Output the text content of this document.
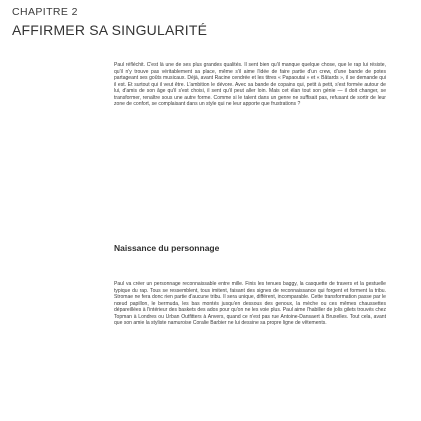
CHAPITRE 2
AFFIRMER SA SINGULARITÉ

Paul réfléchit. C'est là une de ses plus grandes qualités. Il sent bien qu'il manque quelque chose, que le rap lui résiste, qu'il n'y trouve pas véritablement sa place, même s'il aime l'idée de faire partie d'un crew, d'une bande de potes partageant ses goûts musicaux. Déjà, avant Racine cendrée et les titres « Papaoutai » et « Bâtards », il se demande qui il est. Et surtout qui il veut être. L'ambition le dévore. Avec sa bande de copains qui, petit à petit, s'est formée autour de lui, d'amis de son âge qu'il s'est choisi, il sent qu'il peut aller loin. Mais cet élan tout son génie — il doit changer, se transformer, renaître sous une autre forme. Comme si le talent dans un genre ne suffisait pas, refusant de sortir de leur zone de confort, se complaisant dans un style qui ne leur apporte que frustrations ?

Naissance du personnage

Paul va créer un personnage reconnaissable entre mille. Finis les tenues baggy, la casquette de travers et la gestuelle typique du rap. Tous se ressemblent, tous imitent, faisant des signes de reconnaissance qui forgent et forment la tribu. Stromae ne fera donc rien partie d'aucune tribu. Il sera unique, différent, incomparable. Cette transformation passe par le nœud papillon, le bermuda, les bas montés jusqu'en dessous des genoux, la mèche ou ces mêmes chaussettes dépareillées à l'intérieur des baskets des ados pour qu'on ne les voie plus. Paul aime l'habiller de jolis gilets trouvés chez Topman à Londres ou Urban Outfitters à Anvers, quand ce n'est pas rue Antoine-Dansaert à Bruxelles. Tout cela, avant que son amie la styliste namuroise Coralie Barbier ne lui dessine sa propre ligne de vêtements.
